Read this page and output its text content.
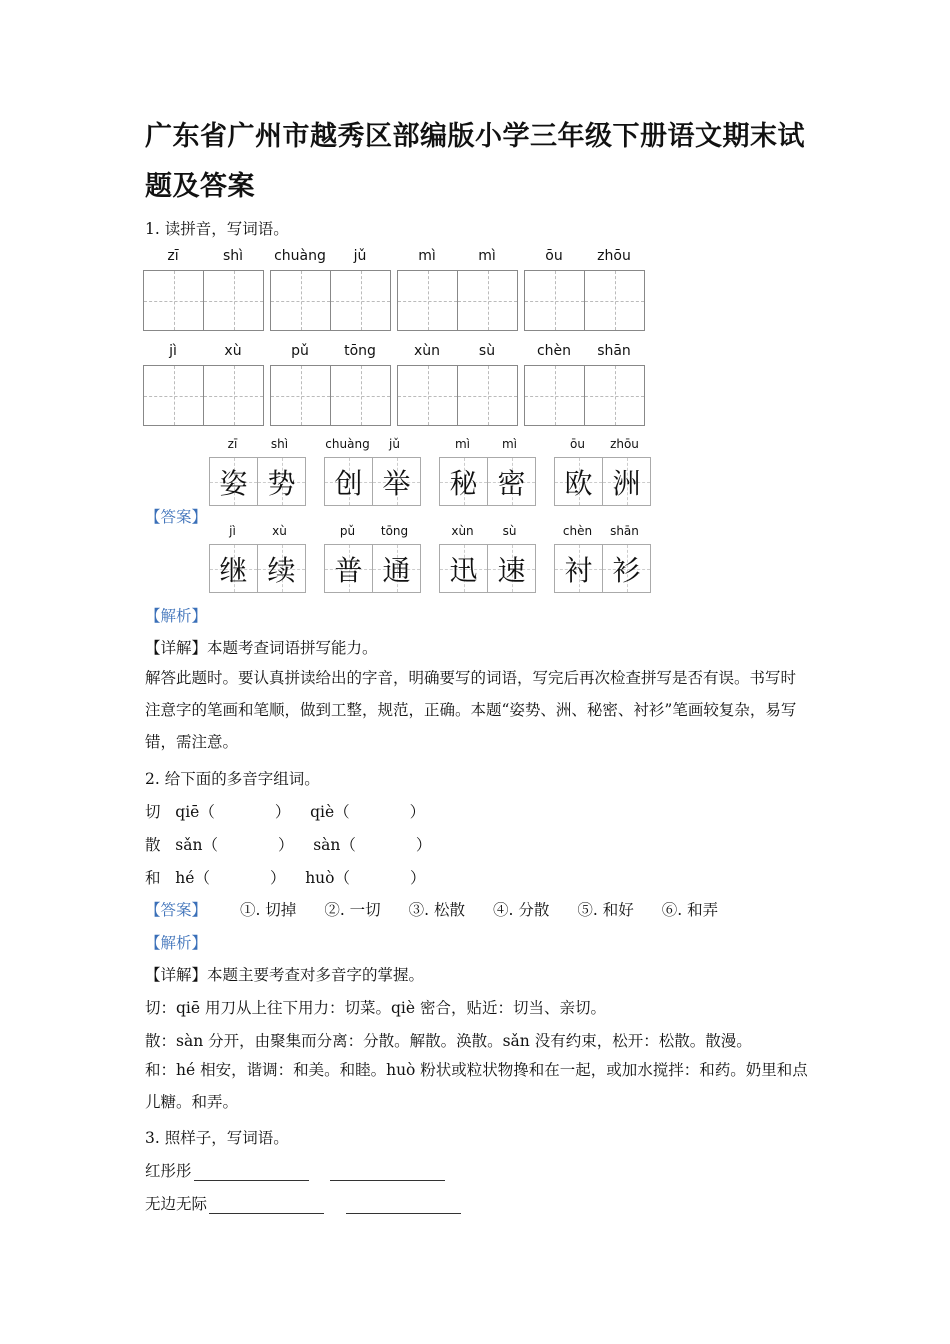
广东省广州市越秀区部编版小学三年级下册语文期末试题及答案
1. 读拼音，写词语。
zī	shì	chuàng	jǔ	mì	mì	ōu	zhōu
jì	xù	pǔ	tōng	xùn	sù	chèn	shān
zī	shì
姿 势
chuàng	jǔ
创 举
mì	mì
秘 密
ōu	zhōu
欧 洲
【答案】
jì	xù
继 续
pǔ	tōng
普 通
xùn	sù
迅 速
chèn	shān
衬 衫
【解析】
【详解】本题考查词语拼写能力。
解答此题时。要认真拼读给出的字音，明确要写的词语，写完后再次检查拼写是否有误。书写时注意字的笔画和笔顺，做到工整，规范，正确。本题“姿势、洲、秘密、衬衫”笔画较复杂，易写错，需注意。
2. 给下面的多音字组词。
切 qiē（	） qiè（	）
散 sǎn（	） sàn（	）
和 hé（	） huò（	）
【答案】 ①. 切掉 ②. 一切 ③. 松散 ④. 分散 ⑤. 和好 ⑥. 和弄
【解析】
【详解】本题主要考查对多音字的掌握。
切：qiē 用刀从上往下用力：切菜。qiè 密合，贴近：切当、亲切。
散：sàn 分开，由聚集而分离：分散。解散。涣散。sǎn 没有约束，松开：松散。散漫。
和：hé 相安，谐调：和美。和睦。huò 粉状或粒状物搀和在一起，或加水搅拌：和药。奶里和点儿糖。和弄。
3. 照样子，写词语。
红彤彤
无边无际
